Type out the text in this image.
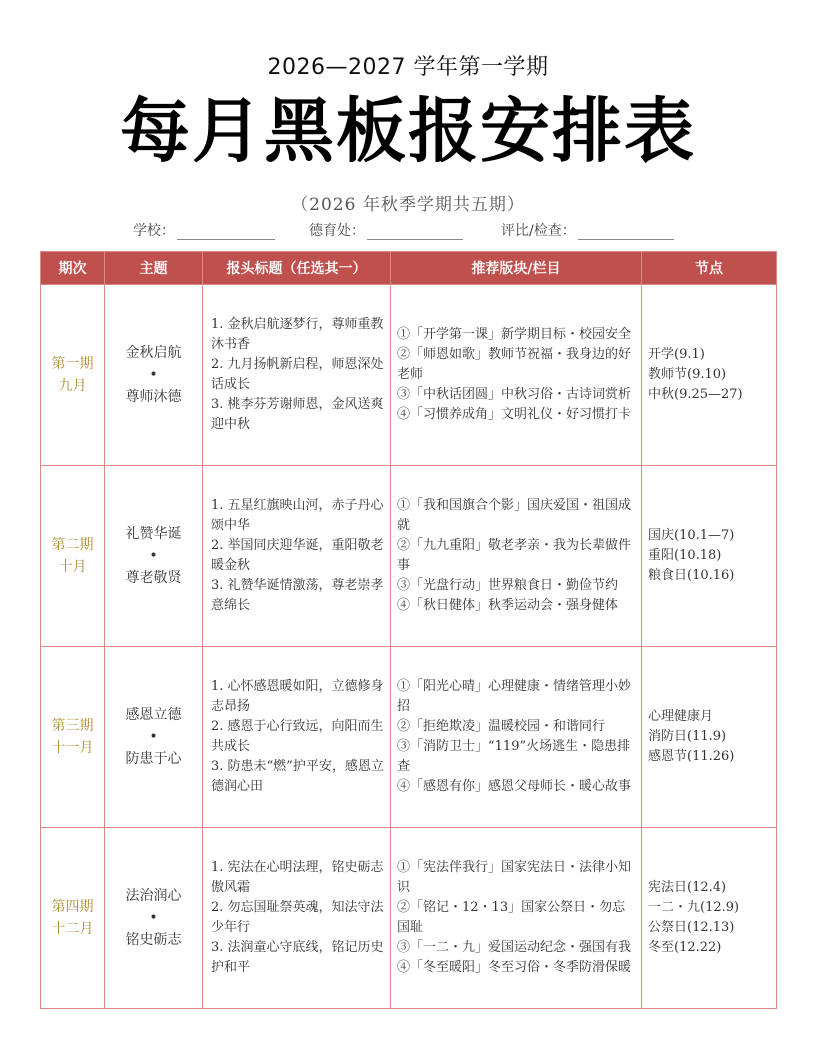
2026—2027 学年第一学期
每月黑板报安排表
（2026 年秋季学期共五期）
学校：	德育处：	评比/检查：
期次	主题	报头标题（任选其一）	推荐版块/栏目	节点

第一期
九月	金秋启航
•
尊师沐德	1. 金秋启航逐梦行，尊师重教沐书香
2. 九月扬帆新启程，师恩深处话成长
3. 桃李芬芳谢师恩，金风送爽迎中秋	①「开学第一课」新学期目标・校园安全
②「师恩如歌」教师节祝福・我身边的好老师
③「中秋话团圆」中秋习俗・古诗词赏析
④「习惯养成角」文明礼仪・好习惯打卡	开学(9.1)
教师节(9.10)
中秋(9.25—27)

第二期
十月	礼赞华诞
•
尊老敬贤	1. 五星红旗映山河，赤子丹心颂中华
2. 举国同庆迎华诞，重阳敬老暖金秋
3. 礼赞华诞情激荡，尊老崇孝意绵长	①「我和国旗合个影」国庆爱国・祖国成就
②「九九重阳」敬老孝亲・我为长辈做件事
③「光盘行动」世界粮食日・勤俭节约
④「秋日健体」秋季运动会・强身健体	国庆(10.1—7)
重阳(10.18)
粮食日(10.16)

第三期
十一月	感恩立德
•
防患于心	1. 心怀感恩暖如阳，立德修身志昂扬
2. 感恩于心行致远，向阳而生共成长
3. 防患未“燃”护平安，感恩立德润心田	①「阳光心晴」心理健康・情绪管理小妙招
②「拒绝欺凌」温暖校园・和谐同行
③「消防卫士」“119”火场逃生・隐患排查
④「感恩有你」感恩父母师长・暖心故事	心理健康月
消防日(11.9)
感恩节(11.26)

第四期
十二月	法治润心
•
铭史砺志	1. 宪法在心明法理，铭史砺志傲风霜
2. 勿忘国耻祭英魂，知法守法少年行
3. 法润童心守底线，铭记历史护和平	①「宪法伴我行」国家宪法日・法律小知识
②「铭记・12・13」国家公祭日・勿忘国耻
③「一二・九」爱国运动纪念・强国有我
④「冬至暖阳」冬至习俗・冬季防滑保暖	宪法日(12.4)
一二・九(12.9)
公祭日(12.13)
冬至(12.22)
